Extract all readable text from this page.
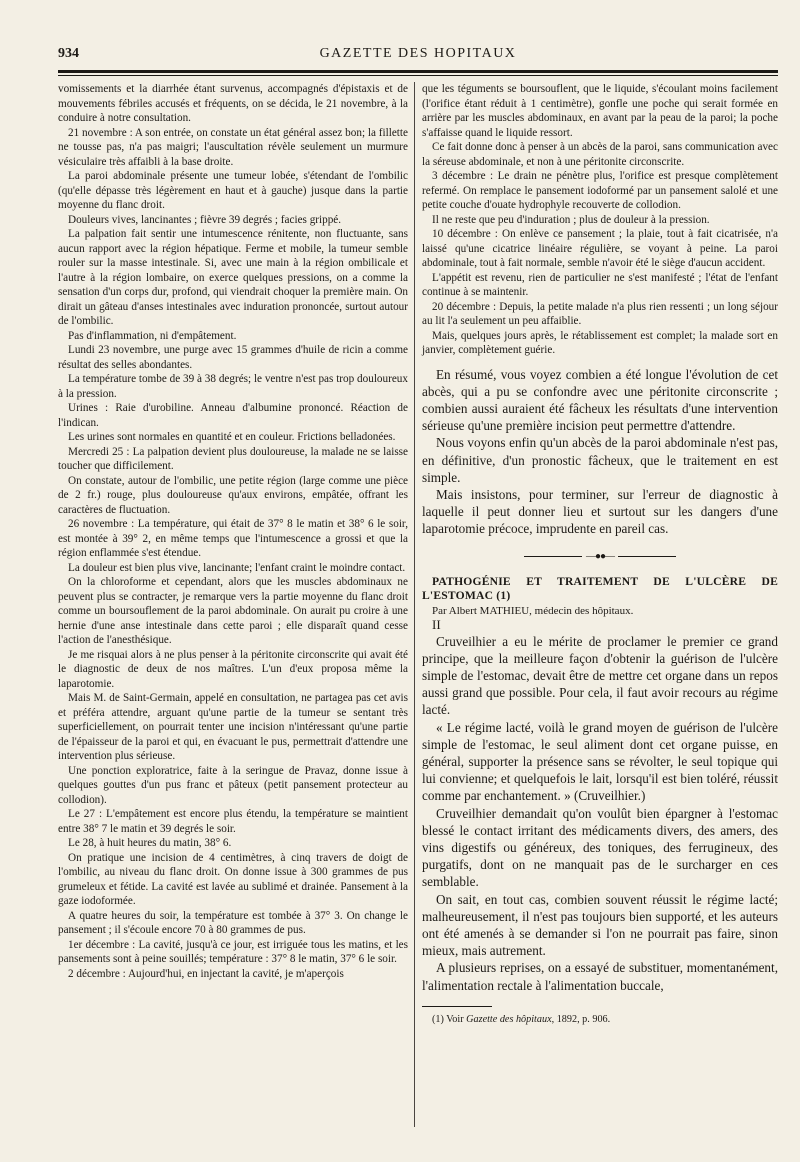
934	GAZETTE DES HOPITAUX

vomissements et la diarrhée étant survenus, accompagnés d'épistaxis et de mouvements fébriles accusés et fréquents, on se décida, le 21 novembre, à la conduire à notre consultation.

21 novembre : A son entrée, on constate un état général assez bon; la fillette ne tousse pas, n'a pas maigri; l'auscultation révèle seulement un murmure vésiculaire très affaibli à la base droite.

La paroi abdominale présente une tumeur lobée, s'étendant de l'ombilic (qu'elle dépasse très légèrement en haut et à gauche) jusque dans la partie moyenne du flanc droit.

Douleurs vives, lancinantes ; fièvre 39 degrés ; facies grippé.

La palpation fait sentir une intumescence rénitente, non fluctuante, sans aucun rapport avec la région hépatique. Ferme et mobile, la tumeur semble rouler sur la masse intestinale. Si, avec une main à la région ombilicale et l'autre à la région lombaire, on exerce quelques pressions, on a comme la sensation d'un corps dur, profond, qui viendrait choquer la première main. On dirait un gâteau d'anses intestinales avec induration prononcée, surtout autour de l'ombilic.

Pas d'inflammation, ni d'empâtement.

Lundi 23 novembre, une purge avec 15 grammes d'huile de ricin a comme résultat des selles abondantes.

La température tombe de 39 à 38 degrés; le ventre n'est pas trop douloureux à la pression.

Urines : Raie d'urobiline. Anneau d'albumine prononcé. Réaction de l'indican.

Les urines sont normales en quantité et en couleur. Frictions belladonées.

Mercredi 25 : La palpation devient plus douloureuse, la malade ne se laisse toucher que difficilement.

On constate, autour de l'ombilic, une petite région (large comme une pièce de 2 fr.) rouge, plus douloureuse qu'aux environs, empâtée, offrant les caractères de fluctuation.

26 novembre : La température, qui était de 37° 8 le matin et 38° 6 le soir, est montée à 39° 2, en même temps que l'intumescence a grossi et que la région enflammée s'est étendue.

La douleur est bien plus vive, lancinante; l'enfant craint le moindre contact.

On la chloroforme et cependant, alors que les muscles abdominaux ne peuvent plus se contracter, je remarque vers la partie moyenne du flanc droit comme un boursouflement de la paroi abdominale. On aurait pu croire à une hernie d'une anse intestinale dans cette paroi ; elle disparaît quand cesse l'action de l'anesthésique.

Je me risquai alors à ne plus penser à la péritonite circonscrite qui avait été le diagnostic de deux de nos maîtres. L'un d'eux proposa même la laparotomie.

Mais M. de Saint-Germain, appelé en consultation, ne partagea pas cet avis et préféra attendre, arguant qu'une partie de la tumeur se sentant très superficiellement, on pourrait tenter une incision n'intéressant qu'une partie de l'épaisseur de la paroi et qui, en évacuant le pus, permettrait d'attendre une intervention plus sérieuse.

Une ponction exploratrice, faite à la seringue de Pravaz, donne issue à quelques gouttes d'un pus franc et pâteux (petit pansement protecteur au collodion).

Le 27 : L'empâtement est encore plus étendu, la température se maintient entre 38° 7 le matin et 39 degrés le soir.

Le 28, à huit heures du matin, 38° 6.

On pratique une incision de 4 centimètres, à cinq travers de doigt de l'ombilic, au niveau du flanc droit. On donne issue à 300 grammes de pus grumeleux et fétide. La cavité est lavée au sublimé et drainée. Pansement à la gaze iodoformée.

A quatre heures du soir, la température est tombée à 37° 3. On change le pansement ; il s'écoule encore 70 à 80 grammes de pus.

1er décembre : La cavité, jusqu'à ce jour, est irriguée tous les matins, et les pansements sont à peine souillés; température : 37° 8 le matin, 37° 6 le soir.

2 décembre : Aujourd'hui, en injectant la cavité, je m'aperçois

que les téguments se boursouflent, que le liquide, s'écoulant moins facilement (l'orifice étant réduit à 1 centimètre), gonfle une poche qui serait formée en arrière par les muscles abdominaux, en avant par la peau de la paroi; la poche s'affaisse quand le liquide ressort.

Ce fait donne donc à penser à un abcès de la paroi, sans communication avec la séreuse abdominale, et non à une péritonite circonscrite.

3 décembre : Le drain ne pénètre plus, l'orifice est presque complètement refermé. On remplace le pansement iodoformé par un pansement salolé et une petite couche d'ouate hydrophyle recouverte de collodion.

Il ne reste que peu d'induration ; plus de douleur à la pression.

10 décembre : On enlève ce pansement ; la plaie, tout à fait cicatrisée, n'a laissé qu'une cicatrice linéaire régulière, se voyant à peine. La paroi abdominale, tout à fait normale, semble n'avoir été le siège d'aucun accident.

L'appétit est revenu, rien de particulier ne s'est manifesté ; l'état de l'enfant continue à se maintenir.

20 décembre : Depuis, la petite malade n'a plus rien ressenti ; un long séjour au lit l'a seulement un peu affaiblie.

Mais, quelques jours après, le rétablissement est complet; la malade sort en janvier, complètement guérie.

En résumé, vous voyez combien a été longue l'évolution de cet abcès, qui a pu se confondre avec une péritonite circonscrite ; combien aussi auraient été fâcheux les résultats d'une intervention sérieuse qu'une première incision peut permettre d'attendre.

Nous voyons enfin qu'un abcès de la paroi abdominale n'est pas, en définitive, d'un pronostic fâcheux, que le traitement en est simple.

Mais insistons, pour terminer, sur l'erreur de diagnostic à laquelle il peut donner lieu et surtout sur les dangers d'une laparotomie précoce, imprudente en pareil cas.

—●●—

PATHOGÉNIE ET TRAITEMENT DE L'ULCÈRE DE L'ESTOMAC (1)

Par Albert MATHIEU, médecin des hôpitaux.

II

Cruveilhier a eu le mérite de proclamer le premier ce grand principe, que la meilleure façon d'obtenir la guérison de l'ulcère simple de l'estomac, devait être de mettre cet organe dans un repos aussi grand que possible. Pour cela, il faut avoir recours au régime lacté.

« Le régime lacté, voilà le grand moyen de guérison de l'ulcère simple de l'estomac, le seul aliment dont cet organe puisse, en général, supporter la présence sans se révolter, le seul topique qui lui convienne; et quelquefois le lait, lorsqu'il est bien toléré, réussit comme par enchantement. » (Cruveilhier.)

Cruveilhier demandait qu'on voulût bien épargner à l'estomac blessé le contact irritant des médicaments divers, des amers, des vins digestifs ou généreux, des toniques, des ferrugineux, des purgatifs, dont on ne manquait pas de le surcharger en ces semblable.

On sait, en tout cas, combien souvent réussit le régime lacté; malheureusement, il n'est pas toujours bien supporté, et les auteurs ont été amenés à se demander si l'on ne pourrait pas faire, sinon mieux, mais autrement.

A plusieurs reprises, on a essayé de substituer, momentanément, l'alimentation rectale à l'alimentation buccale,

(1) Voir Gazette des hôpitaux, 1892, p. 906.
